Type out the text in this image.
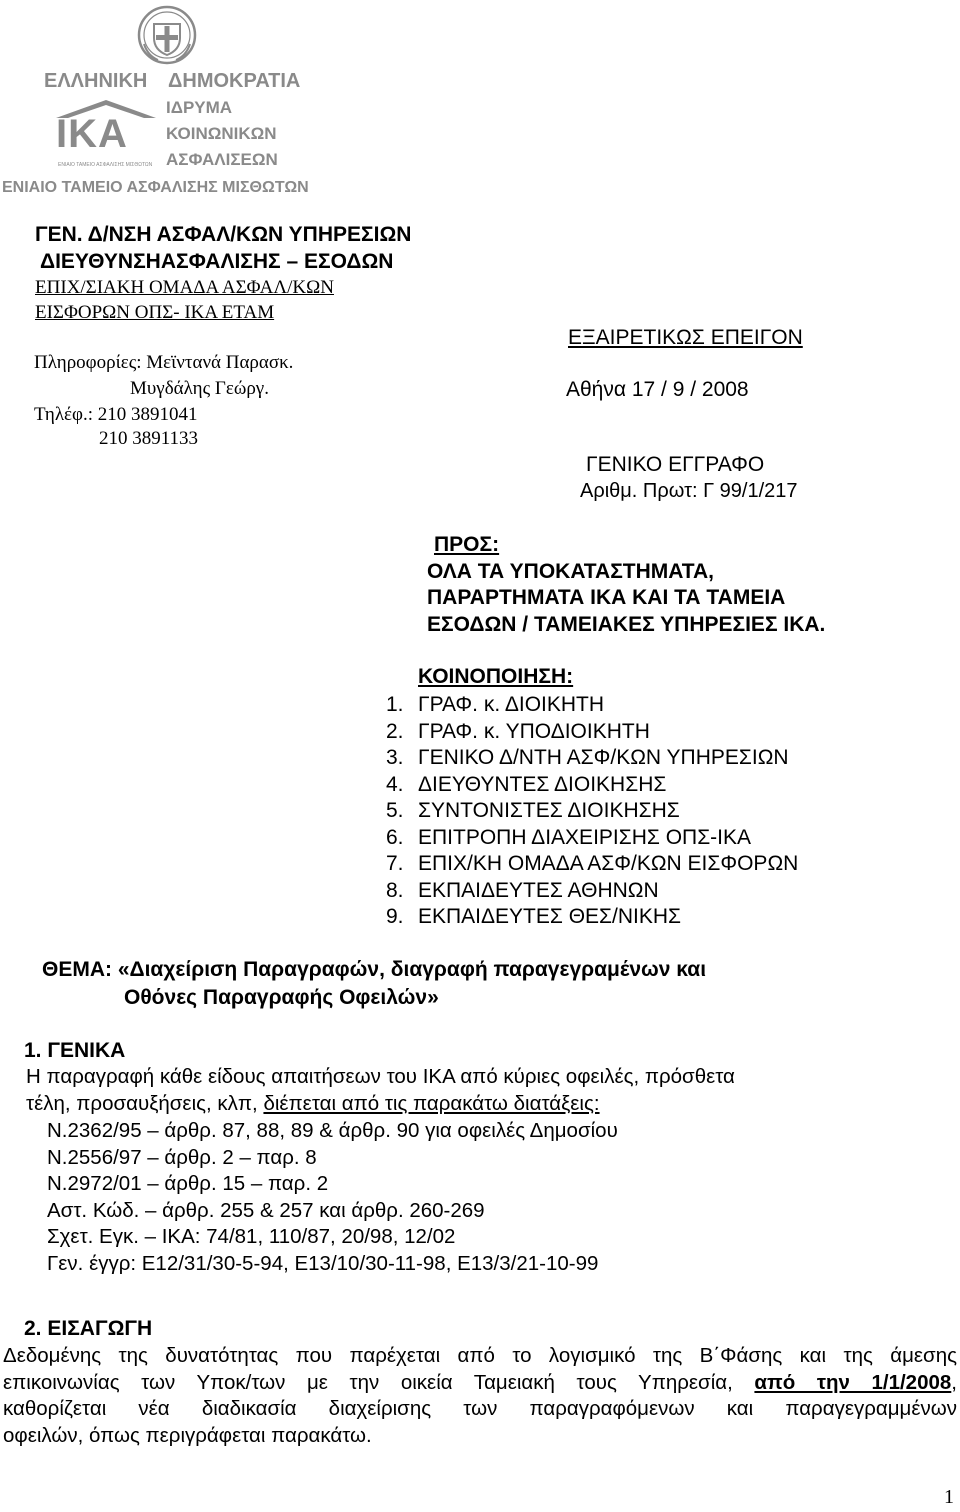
ΕΛΛΗΝΙΚΗ ΔΗΜΟΚΡΑΤΙΑ
ΙΚΑ
ΕΝΙΑΙΟ ΤΑΜΕΙΟ ΑΣΦΑΛΙΣΗΣ ΜΙΣΘΩΤΩΝ
ΙΔΡΥΜΑ
ΚΟΙΝΩΝΙΚΩΝ
ΑΣΦΑΛΙΣΕΩΝ
ΕΝΙΑΙΟ ΤΑΜΕΙΟ ΑΣΦΑΛΙΣΗΣ ΜΙΣΘΩΤΩΝ
ΓΕΝ. Δ/ΝΣΗ ΑΣΦΑΛ/ΚΩΝ ΥΠΗΡΕΣΙΩΝ
ΔΙΕΥΘΥΝΣΗΑΣΦΑΛΙΣΗΣ – ΕΣΟΔΩΝ
ΕΠΙΧ/ΣΙΑΚΗ ΟΜΑΔΑ ΑΣΦΑΛ/ΚΩΝ
ΕΙΣΦΟΡΩΝ ΟΠΣ- ΙΚΑ ΕΤΑΜ
Πληροφορίες: Μεϊντανά Παρασκ.
Μυγδάλης Γεώργ.
Τηλέφ.: 210 3891041
210 3891133
ΕΞΑΙΡΕΤΙΚΩΣ ΕΠΕΙΓΟΝ
Αθήνα 17 / 9 / 2008
ΓΕΝΙΚΟ ΕΓΓΡΑΦΟ
Αριθμ. Πρωτ: Γ 99/1/217
ΠΡΟΣ:
ΟΛΑ ΤΑ ΥΠΟΚΑΤΑΣΤΗΜΑΤΑ,
ΠΑΡΑΡΤΗΜΑΤΑ ΙΚΑ ΚΑΙ ΤΑ ΤΑΜΕΙΑ
ΕΣΟΔΩΝ / ΤΑΜΕΙΑΚΕΣ ΥΠΗΡΕΣΙΕΣ ΙΚΑ.
ΚΟΙΝΟΠΟΙΗΣΗ:
1. ΓΡΑΦ. κ. ΔΙΟΙΚΗΤΗ
2. ΓΡΑΦ. κ. ΥΠΟΔΙΟΙΚΗΤΗ
3. ΓΕΝΙΚΟ Δ/ΝΤΗ ΑΣΦ/ΚΩΝ ΥΠΗΡΕΣΙΩΝ
4. ΔΙΕΥΘΥΝΤΕΣ ΔΙΟΙΚΗΣΗΣ
5. ΣΥΝΤΟΝΙΣΤΕΣ ΔΙΟΙΚΗΣΗΣ
6. ΕΠΙΤΡΟΠΗ ΔΙΑΧΕΙΡΙΣΗΣ ΟΠΣ-ΙΚΑ
7. ΕΠΙΧ/ΚΗ ΟΜΑΔΑ ΑΣΦ/ΚΩΝ ΕΙΣΦΟΡΩΝ
8. ΕΚΠΑΙΔΕΥΤΕΣ ΑΘΗΝΩΝ
9. ΕΚΠΑΙΔΕΥΤΕΣ ΘΕΣ/ΝΙΚΗΣ
ΘΕΜΑ: «Διαχείριση Παραγραφών, διαγραφή παραγεγραμένων και
Οθόνες Παραγραφής Οφειλών»
1. ΓΕΝΙΚΑ
Η παραγραφή κάθε είδους απαιτήσεων του ΙΚΑ από κύριες οφειλές, πρόσθετα
τέλη, προσαυξήσεις, κλπ, διέπεται από τις παρακάτω διατάξεις:
Ν.2362/95 – άρθρ. 87, 88, 89 & άρθρ. 90 για οφειλές Δημοσίου
Ν.2556/97 – άρθρ. 2 – παρ. 8
Ν.2972/01 – άρθρ. 15 – παρ. 2
Αστ. Κώδ. – άρθρ. 255 & 257 και άρθρ. 260-269
Σχετ. Εγκ. – ΙΚΑ: 74/81, 110/87, 20/98, 12/02
Γεν. έγγρ: Ε12/31/30-5-94, Ε13/10/30-11-98, Ε13/3/21-10-99
2. ΕΙΣΑΓΩΓΗ
Δεδομένης της δυνατότητας που παρέχεται από το λογισμικό της Β΄Φάσης και της άμεσης
επικοινωνίας των Υποκ/των με την οικεία Ταμειακή τους Υπηρεσία, από την 1/1/2008,
καθορίζεται νέα διαδικασία διαχείρισης των παραγραφόμενων και παραγεγραμμένων
οφειλών, όπως περιγράφεται παρακάτω.
1
